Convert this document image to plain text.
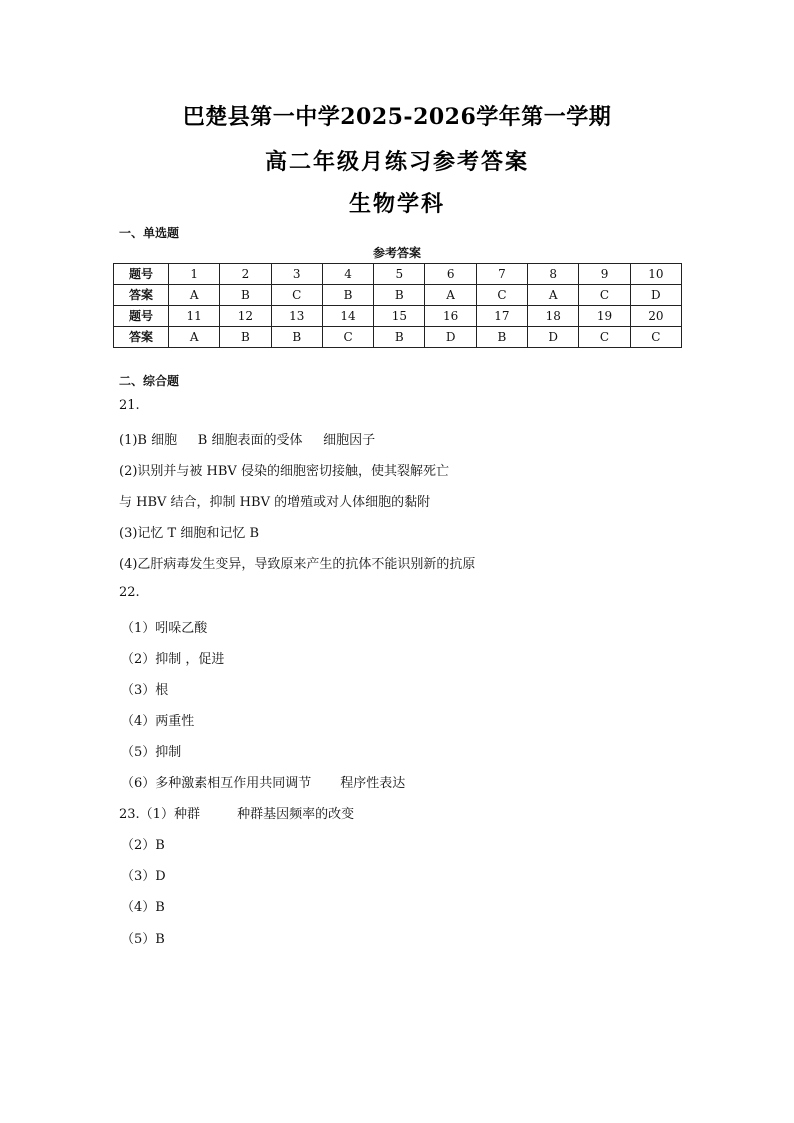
巴楚县第一中学2025-2026学年第一学期
高二年级月练习参考答案
生物学科
一、单选题
参考答案
题号	1	2	3	4	5	6	7	8	9	10
答案	A	B	C	B	B	A	C	A	C	D
题号	11	12	13	14	15	16	17	18	19	20
答案	A	B	B	C	B	D	B	D	C	C
二、综合题
21.
(1)B 细胞     B 细胞表面的受体     细胞因子
(2)识别并与被 HBV 侵染的细胞密切接触，使其裂解死亡
与 HBV 结合，抑制 HBV 的增殖或对人体细胞的黏附
(3)记忆 T 细胞和记忆 B
(4)乙肝病毒发生变异，导致原来产生的抗体不能识别新的抗原
22.
（1）吲哚乙酸
（2）抑制 ，促进
（3）根
（4）两重性
（5）抑制
（6）多种激素相互作用共同调节       程序性表达
23.（1）种群         种群基因频率的改变
（2）B
（3）D
（4）B
（5）B
